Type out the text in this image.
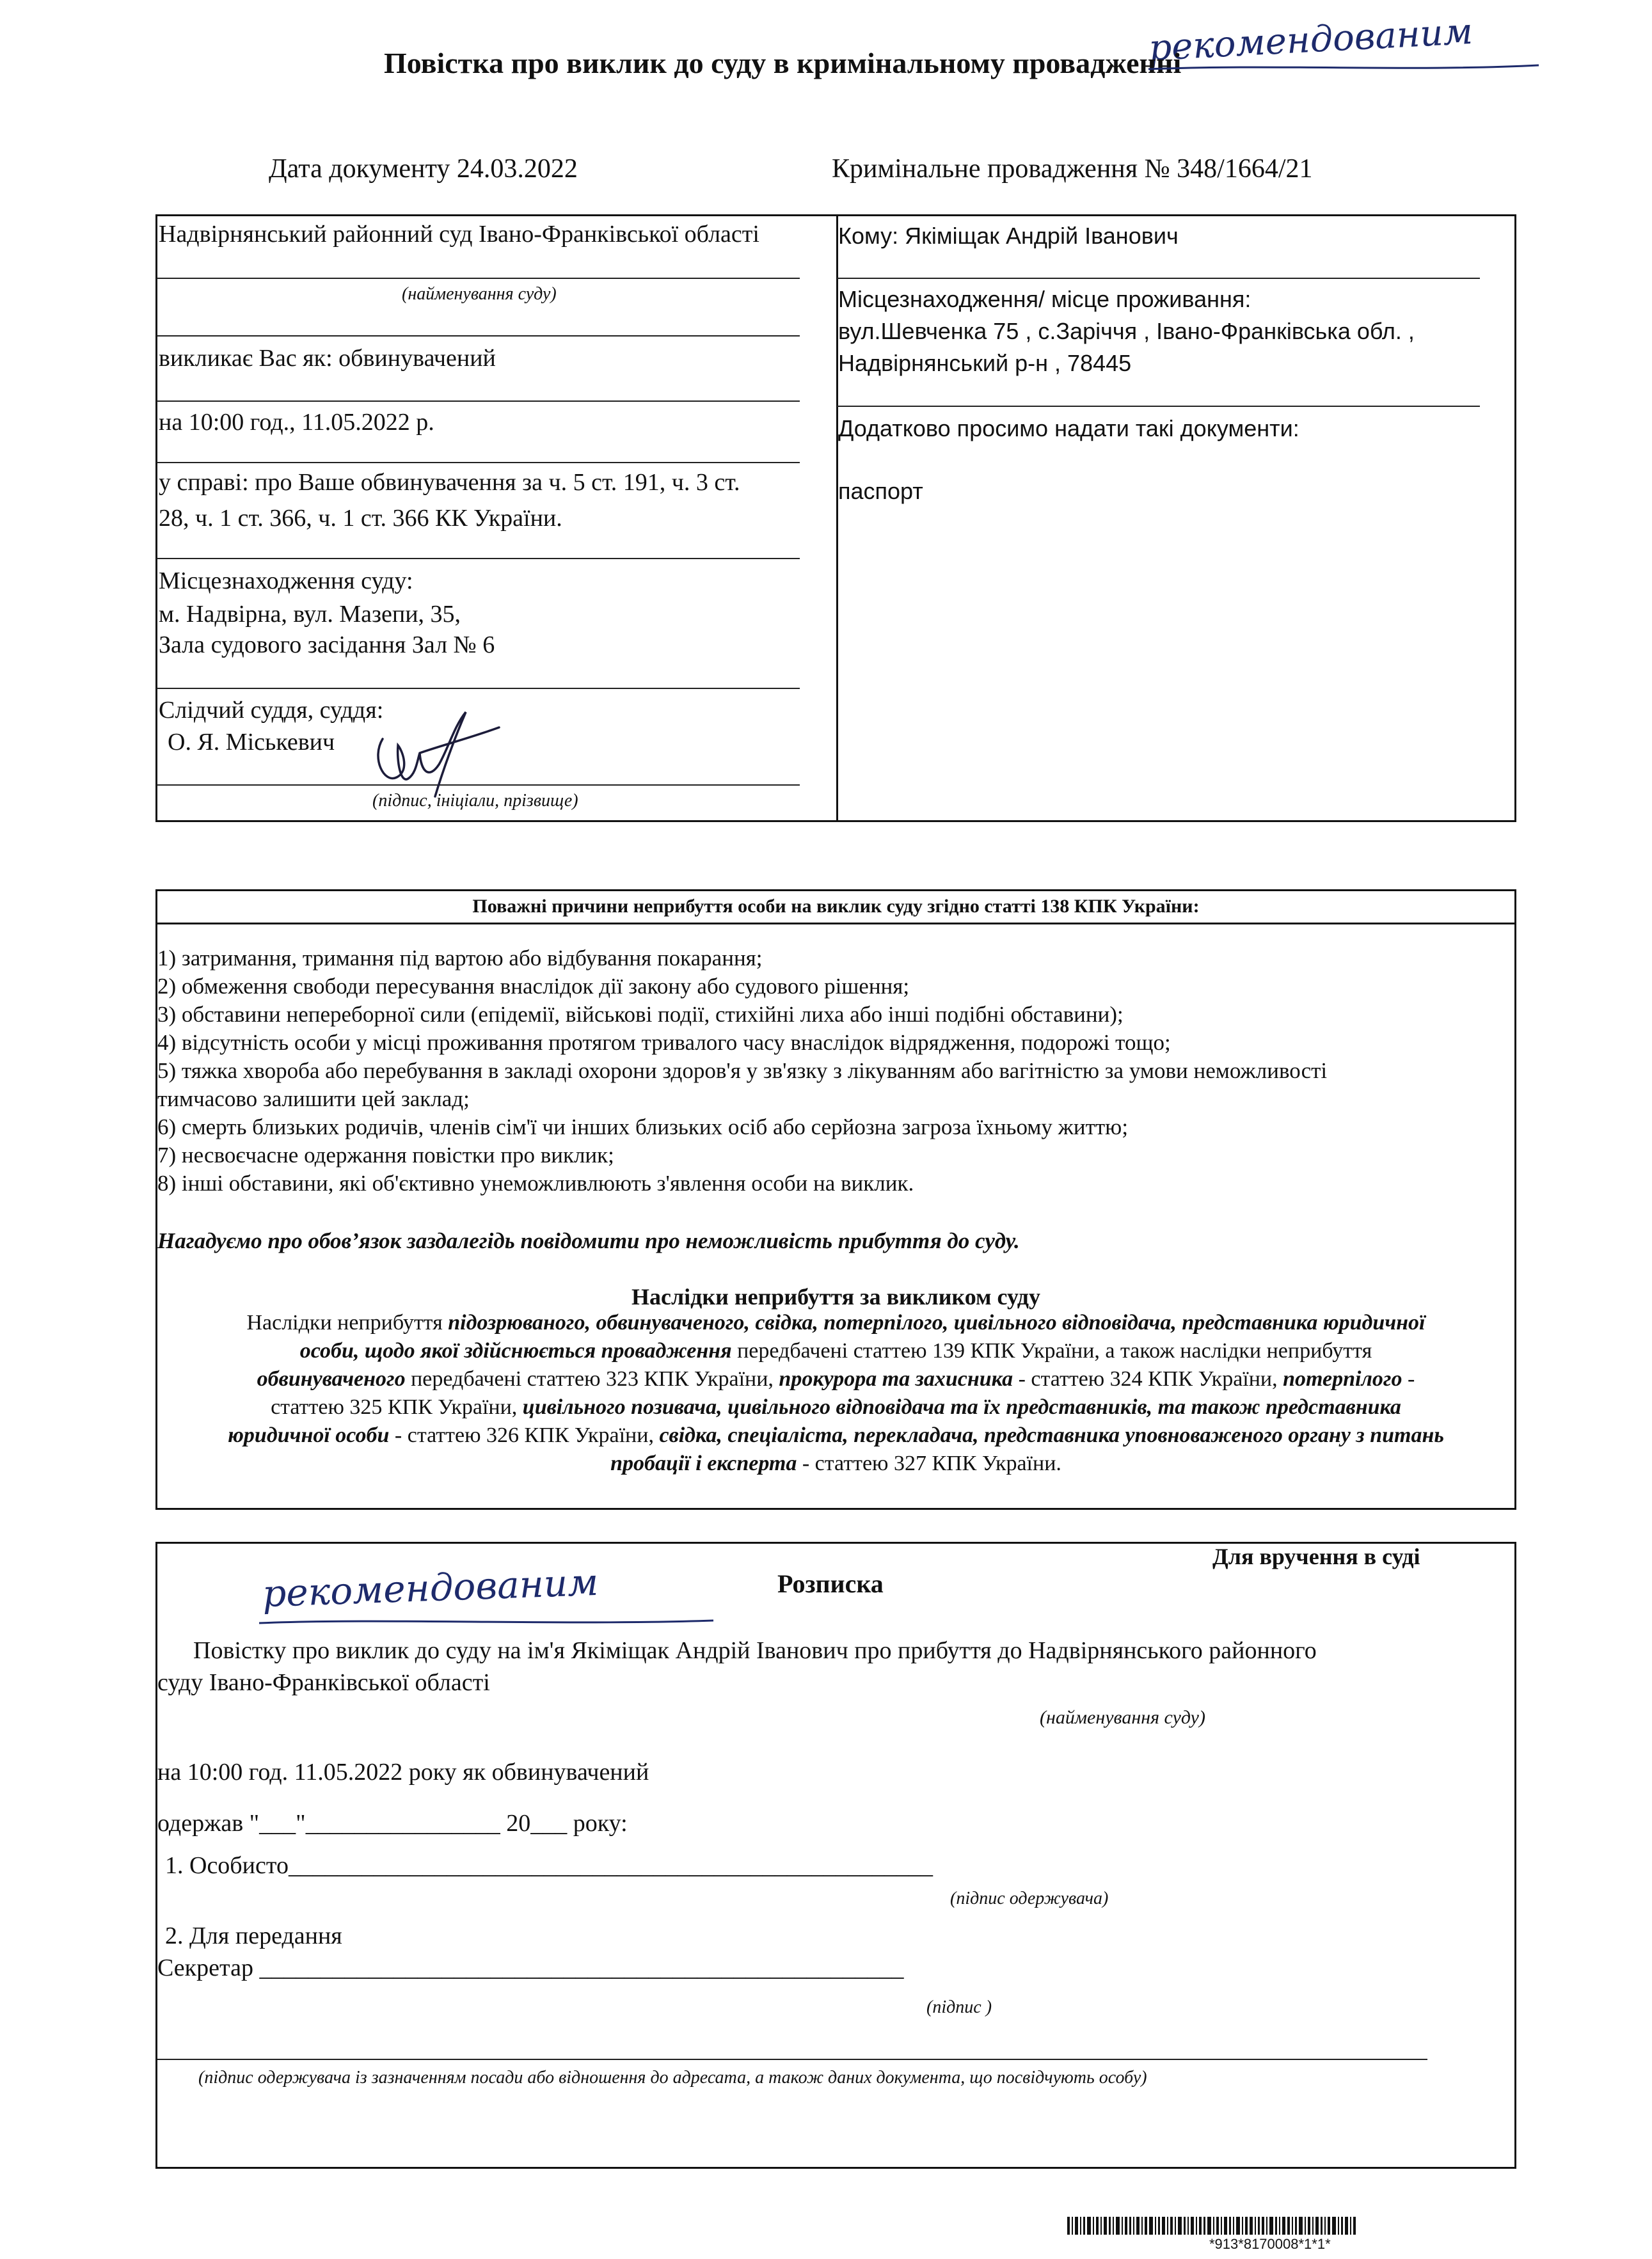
рекомендованим
Повістка про виклик до суду в кримінальному провадженні
Дата документу 24.03.2022	Кримінальне провадження № 348/1664/21
Надвірнянський районний суд Івано-Франківської області
(найменування суду)
викликає Вас як: обвинувачений
на 10:00 год., 11.05.2022 р.
у справі: про Ваше обвинувачення за ч. 5 ст. 191, ч. 3 ст.
28, ч. 1 ст. 366, ч. 1 ст. 366 КК України.
Місцезнаходження суду:
м. Надвірна, вул. Мазепи, 35,
Зала судового засідання Зал № 6
Слідчий суддя, суддя:
О. Я. Міськевич
(підпис, ініціали, прізвище)
Кому: Якіміщак Андрій Іванович
Місцезнаходження/ місце проживання:
вул.Шевченка 75 , с.Заріччя , Івано-Франківська обл. ,
Надвірнянський р-н , 78445
Додатково просимо надати такі документи:
паспорт
Поважні причини неприбуття особи на виклик суду згідно статті 138 КПК України:
1) затримання, тримання під вартою або відбування покарання;
2) обмеження свободи пересування внаслідок дії закону або судового рішення;
3) обставини непереборної сили (епідемії, військові події, стихійні лиха або інші подібні обставини);
4) відсутність особи у місці проживання протягом тривалого часу внаслідок відрядження, подорожі тощо;
5) тяжка хвороба або перебування в закладі охорони здоров'я у зв'язку з лікуванням або вагітністю за умови неможливості
тимчасово залишити цей заклад;
6) смерть близьких родичів, членів сім'ї чи інших близьких осіб або серйозна загроза їхньому життю;
7) несвоєчасне одержання повістки про виклик;
8) інші обставини, які об'єктивно унеможливлюють з'явлення особи на виклик.
Нагадуємо про обов’язок заздалегідь повідомити про неможливість прибуття до суду.
Наслідки неприбуття за викликом суду
Наслідки неприбуття підозрюваного, обвинуваченого, свідка, потерпілого, цивільного відповідача, представника юридичної
особи, щодо якої здійснюється провадження передбачені статтею 139 КПК України, а також наслідки неприбуття
обвинуваченого передбачені статтею 323 КПК України, прокурора та захисника - статтею 324 КПК України, потерпілого -
статтею 325 КПК України, цивільного позивача, цивільного відповідача та їх представників, та також представника
юридичної особи - статтею 326 КПК України, свідка, спеціаліста, перекладача, представника уповноваженого органу з питань
пробації і експерта - статтею 327 КПК України.
Для вручення в суді
рекомендованим	Розписка
Повістку про виклик до суду на ім'я Якіміщак Андрій Іванович про прибуття до Надвірнянського районного
суду Івано-Франківської області
(найменування суду)
на 10:00 год. 11.05.2022 року як обвинувачений
одержав "___"________________ 20___ року:
1. Особисто_____________________________________________________
(підпис одержувача)
2. Для передання
Секретар _____________________________________________________
(підпис )
(підпис одержувача із зазначенням посади або відношення до адресата, а також даних документа, що посвідчують особу)
*913*8170008*1*1*
